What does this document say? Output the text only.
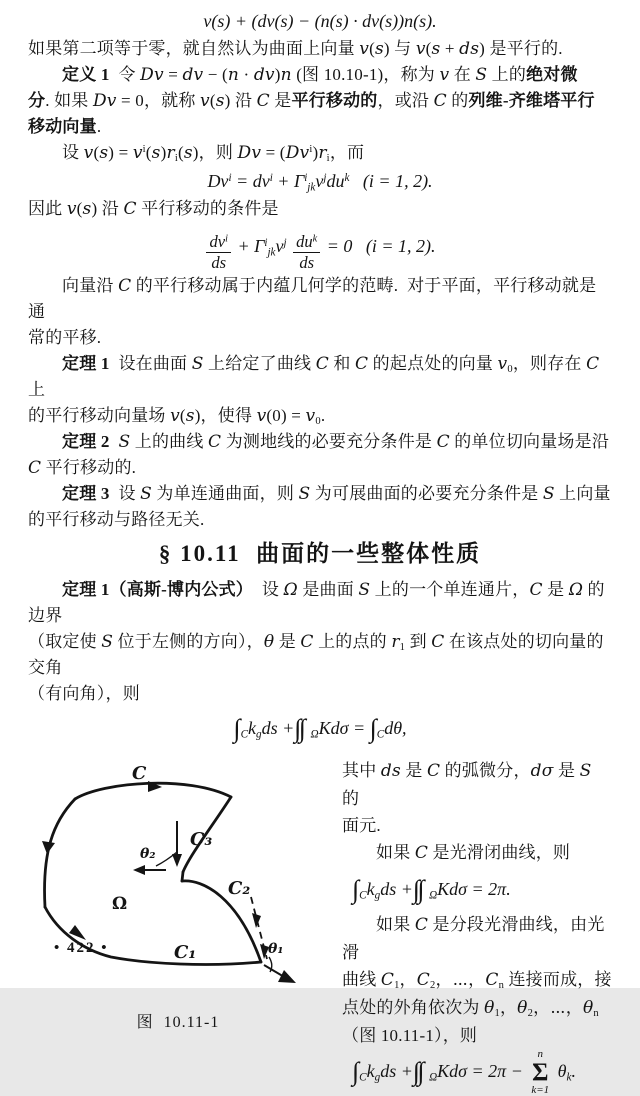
v(s) + (dv(s) − (n(s) · dv(s))n(s).
如果第二项等于零，就自然认为曲面上向量 v(s) 与 v(s + ds) 是平行的.
定义 1  令 Dv = dv − (n · dv)n (图 10.10-1)，称为 v 在 S 上的绝对微
分. 如果 Dv = 0，就称 v(s) 沿 C 是平行移动的，或沿 C 的列维-齐维塔平行
移动向量.
设 $v(s) = v^i(s)r_i(s)$，则 $Dv = (Dv^i)r_i$，而
$Dv^i = dv^i + \Gamma^i_{jk}v^jdu^k$   (i = 1, 2).
因此 v(s) 沿 C 平行移动的条件是
$\frac{dv^i}{ds} + \Gamma^i_{jk}v^j \frac{du^k}{ds} = 0$   (i = 1, 2).
向量沿 C 的平行移动属于内蕴几何学的范畴.  对于平面，平行移动就是通
常的平移.
定理 1  设在曲面 S 上给定了曲线 C 和 C 的起点处的向量 $v_0$，则存在 C 上
的平行移动向量场 v(s)，使得 $v(0) = v_0$.
定理 2 S 上的曲线 C 为测地线的必要充分条件是 C 的单位切向量场是沿
C 平行移动的.
定理 3  设 S 为单连通曲面，则 S 为可展曲面的必要充分条件是 S 上向量
的平行移动与路径无关.
§ 10.11  曲面的一些整体性质
定理 1（高斯-博内公式）  设 Ω 是曲面 S 上的一个单连通片，C 是 Ω 的边界
（取定使 S 位于左侧的方向），θ 是 C 上的点的 $r_1$ 到 C 在该点处的切向量的交角
（有向角），则
$\int_Ck_gds + _\Omega Kd\sigma = \int_Cd\theta$,
C
C₃
θ₂
Ω
C₂
θ₁
C₁
图  10.11-1
其中 ds 是 C 的弧微分，dσ 是 S 的
面元.
如果 C 是光滑闭曲线，则
$\int_Ck_gds + _\Omega Kd\sigma = 2\pi$.
如果 C 是分段光滑曲线，由光滑
曲线 $C_1$，$C_2$，⋯，$C_n$ 连接而成，接
点处的外角依次为 $\theta_1$，$\theta_2$，⋯，$\theta_n$
（图 10.11-1），则
$\int_Ck_gds + _\Omega Kd\sigma = 2\pi$ −
n
Σ
k=1
$\theta_k$.
• 422 •
